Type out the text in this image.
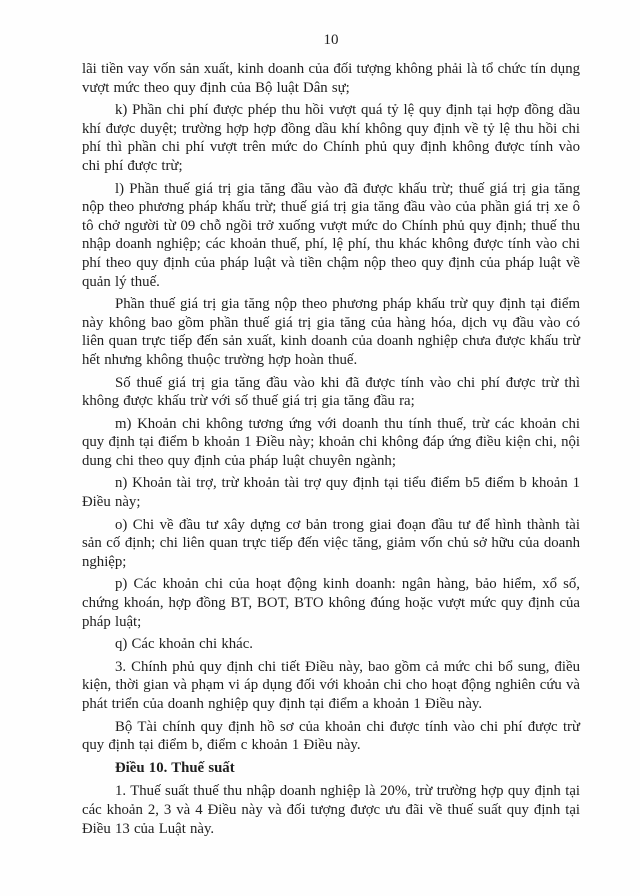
10

lãi tiền vay vốn sản xuất, kinh doanh của đối tượng không phải là tổ chức tín dụng vượt mức theo quy định của Bộ luật Dân sự;

k) Phần chi phí được phép thu hồi vượt quá tỷ lệ quy định tại hợp đồng dầu khí được duyệt; trường hợp hợp đồng dầu khí không quy định về tỷ lệ thu hồi chi phí thì phần chi phí vượt trên mức do Chính phủ quy định không được tính vào chi phí được trừ;

l) Phần thuế giá trị gia tăng đầu vào đã được khấu trừ; thuế giá trị gia tăng nộp theo phương pháp khấu trừ; thuế giá trị gia tăng đầu vào của phần giá trị xe ô tô chở người từ 09 chỗ ngồi trở xuống vượt mức do Chính phủ quy định; thuế thu nhập doanh nghiệp; các khoản thuế, phí, lệ phí, thu khác không được tính vào chi phí theo quy định của pháp luật và tiền chậm nộp theo quy định của pháp luật về quản lý thuế.

Phần thuế giá trị gia tăng nộp theo phương pháp khấu trừ quy định tại điểm này không bao gồm phần thuế giá trị gia tăng của hàng hóa, dịch vụ đầu vào có liên quan trực tiếp đến sản xuất, kinh doanh của doanh nghiệp chưa được khấu trừ hết nhưng không thuộc trường hợp hoàn thuế.

Số thuế giá trị gia tăng đầu vào khi đã được tính vào chi phí được trừ thì không được khấu trừ với số thuế giá trị gia tăng đầu ra;

m) Khoản chi không tương ứng với doanh thu tính thuế, trừ các khoản chi quy định tại điểm b khoản 1 Điều này; khoản chi không đáp ứng điều kiện chi, nội dung chi theo quy định của pháp luật chuyên ngành;

n) Khoản tài trợ, trừ khoản tài trợ quy định tại tiểu điểm b5 điểm b khoản 1 Điều này;

o) Chi về đầu tư xây dựng cơ bản trong giai đoạn đầu tư để hình thành tài sản cố định; chi liên quan trực tiếp đến việc tăng, giảm vốn chủ sở hữu của doanh nghiệp;

p) Các khoản chi của hoạt động kinh doanh: ngân hàng, bảo hiểm, xổ số, chứng khoán, hợp đồng BT, BOT, BTO không đúng hoặc vượt mức quy định của pháp luật;

q) Các khoản chi khác.

3. Chính phủ quy định chi tiết Điều này, bao gồm cả mức chi bổ sung, điều kiện, thời gian và phạm vi áp dụng đối với khoản chi cho hoạt động nghiên cứu và phát triển của doanh nghiệp quy định tại điểm a khoản 1 Điều này.

Bộ Tài chính quy định hồ sơ của khoản chi được tính vào chi phí được trừ quy định tại điểm b, điểm c khoản 1 Điều này.

Điều 10. Thuế suất

1. Thuế suất thuế thu nhập doanh nghiệp là 20%, trừ trường hợp quy định tại các khoản 2, 3 và 4 Điều này và đối tượng được ưu đãi về thuế suất quy định tại Điều 13 của Luật này.
